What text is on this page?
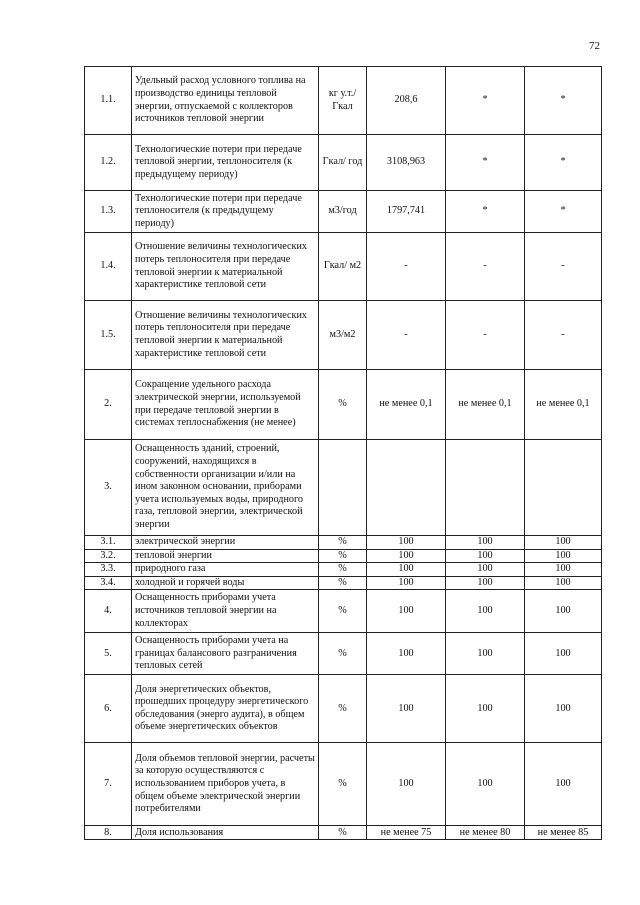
72
1.1.	Удельный расход условного топлива на производство единицы тепловой энергии, отпускаемой с коллекторов источников тепловой энергии	кг у.т./ Гкал	208,6	*	*
1.2.	Технологические потери при передаче тепловой энергии, теплоносителя (к предыдущему периоду)	Гкал/ год	3108,963	*	*
1.3.	Технологические потери при передаче теплоносителя (к предыдущему периоду)	м3/год	1797,741	*	*
1.4.	Отношение величины технологических потерь теплоносителя при передаче тепловой энергии к материальной характеристике тепловой сети	Гкал/ м2	-	-	-
1.5.	Отношение величины технологических потерь теплоносителя при передаче тепловой энергии к материальной характеристике тепловой сети	м3/м2	-	-	-
2.	Сокращение удельного расхода электрической энергии, используемой при передаче тепловой энергии в системах теплоснабжения (не менее)	%	не менее 0,1	не менее 0,1	не менее 0,1
3.	Оснащенность зданий, строений, сооружений, находящихся в собственности организации и/или на ином законном основании, приборами учета используемых воды, природного газа, тепловой энергии, электрической энергии				
3.1.	электрической энергии	%	100	100	100
3.2.	тепловой энергии	%	100	100	100
3.3.	природного газа	%	100	100	100
3.4.	холодной и горячей воды	%	100	100	100
4.	Оснащенность приборами учета источников тепловой энергии на коллекторах	%	100	100	100
5.	Оснащенность приборами учета на границах балансового разграничения тепловых сетей	%	100	100	100
6.	Доля энергетических объектов, прошедших процедуру энергетического обследования (энерго аудита), в общем объеме энергетических объектов	%	100	100	100
7.	Доля объемов тепловой энергии, расчеты за которую осуществляются с использованием приборов учета, в общем объеме электрической энергии потребителями	%	100	100	100
8.	Доля использования	%	не менее 75	не менее 80	не менее 85
